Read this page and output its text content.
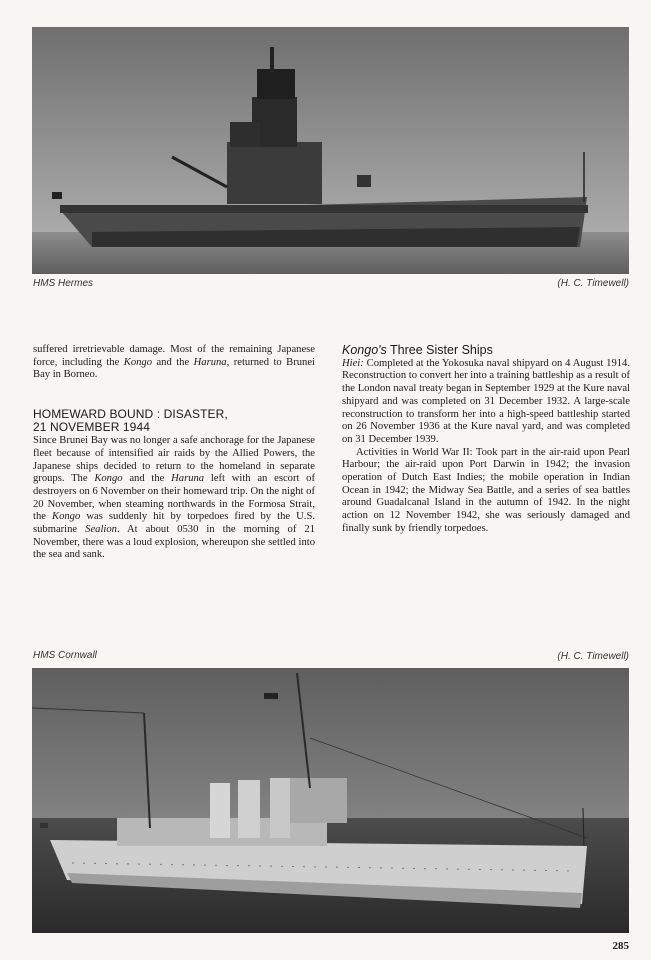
HMS Hermes	(H. C. Timewell)

suffered irretrievable damage. Most of the remaining Japanese force, including the Kongo and the Haruna, returned to Brunei Bay in Borneo.

HOMEWARD BOUND : DISASTER,
21 NOVEMBER 1944

Since Brunei Bay was no longer a safe anchorage for the Japanese fleet because of intensified air raids by the Allied Powers, the Japanese ships decided to return to the homeland in separate groups. The Kongo and the Haruna left with an escort of destroyers on 6 November on their homeward trip. On the night of 20 November, when steaming northwards in the Formosa Strait, the Kongo was suddenly hit by torpedoes fired by the U.S. submarine Sealion. At about 0530 in the morning of 21 November, there was a loud explosion, whereupon she settled into the sea and sank.

Kongo's Three Sister Ships

Hiei: Completed at the Yokosuka naval shipyard on 4 August 1914. Reconstruction to convert her into a training battleship as a result of the London naval treaty began in September 1929 at the Kure naval shipyard and was completed on 31 December 1932. A large-scale reconstruction to transform her into a high-speed battleship started on 26 November 1936 at the Kure naval yard, and was completed on 31 December 1939.

Activities in World War II: Took part in the air-raid upon Pearl Harbour; the air-raid upon Port Darwin in 1942; the invasion operation of Dutch East Indies; the mobile operation in Indian Ocean in 1942; the Midway Sea Battle, and a series of sea battles around Guadalcanal Island in the autumn of 1942. In the night action on 12 November 1942, she was seriously damaged and finally sunk by friendly torpedoes.

HMS Cornwall	(H. C. Timewell)
285
